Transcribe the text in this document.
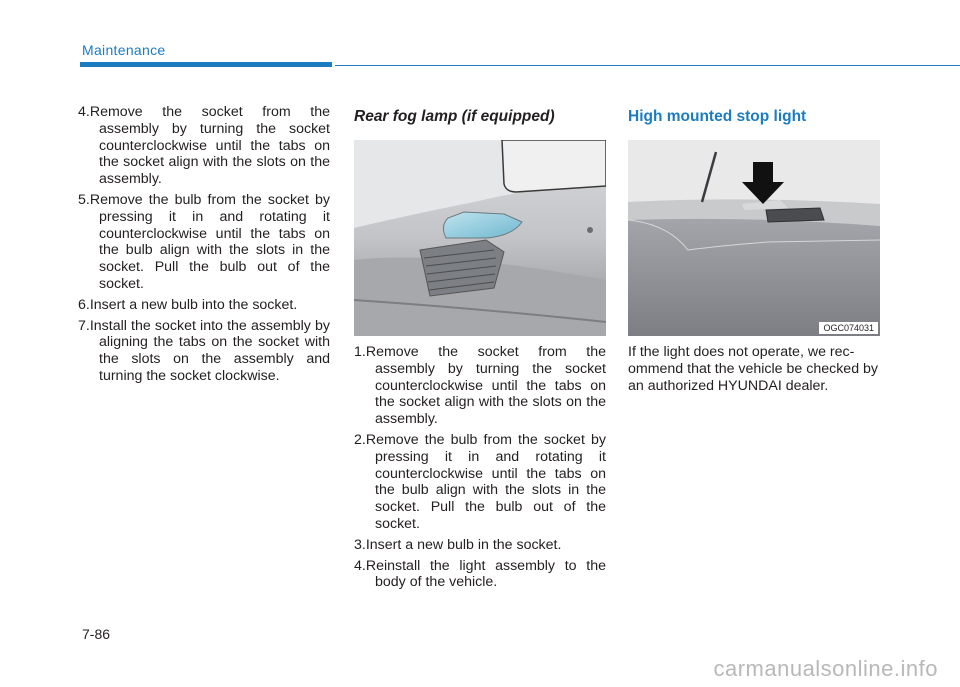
Maintenance
4.Remove the socket from the assembly by turning the socket counterclockwise until the tabs on the socket align with the slots on the assembly.
5.Remove the bulb from the socket by pressing it in and rotating it counterclockwise until the tabs on the bulb align with the slots in the socket. Pull the bulb out of the socket.
6.Insert a new bulb into the socket.
7.Install the socket into the assembly by aligning the tabs on the socket with the slots on the assembly and turning the socket clockwise.
Rear fog lamp (if equipped)
1.Remove the socket from the assembly by turning the socket counterclockwise until the tabs on the socket align with the slots on the assembly.
2.Remove the bulb from the socket by pressing it in and rotating it counterclockwise until the tabs on the bulb align with the slots in the socket. Pull the bulb out of the socket.
3.Insert a new bulb in the socket.
4.Reinstall the light assembly to the body of the vehicle.
High mounted stop light
OGC074031
If the light does not operate, we rec-ommend that the vehicle be checked by an authorized HYUNDAI dealer.
7-86
carmanualsonline.info
